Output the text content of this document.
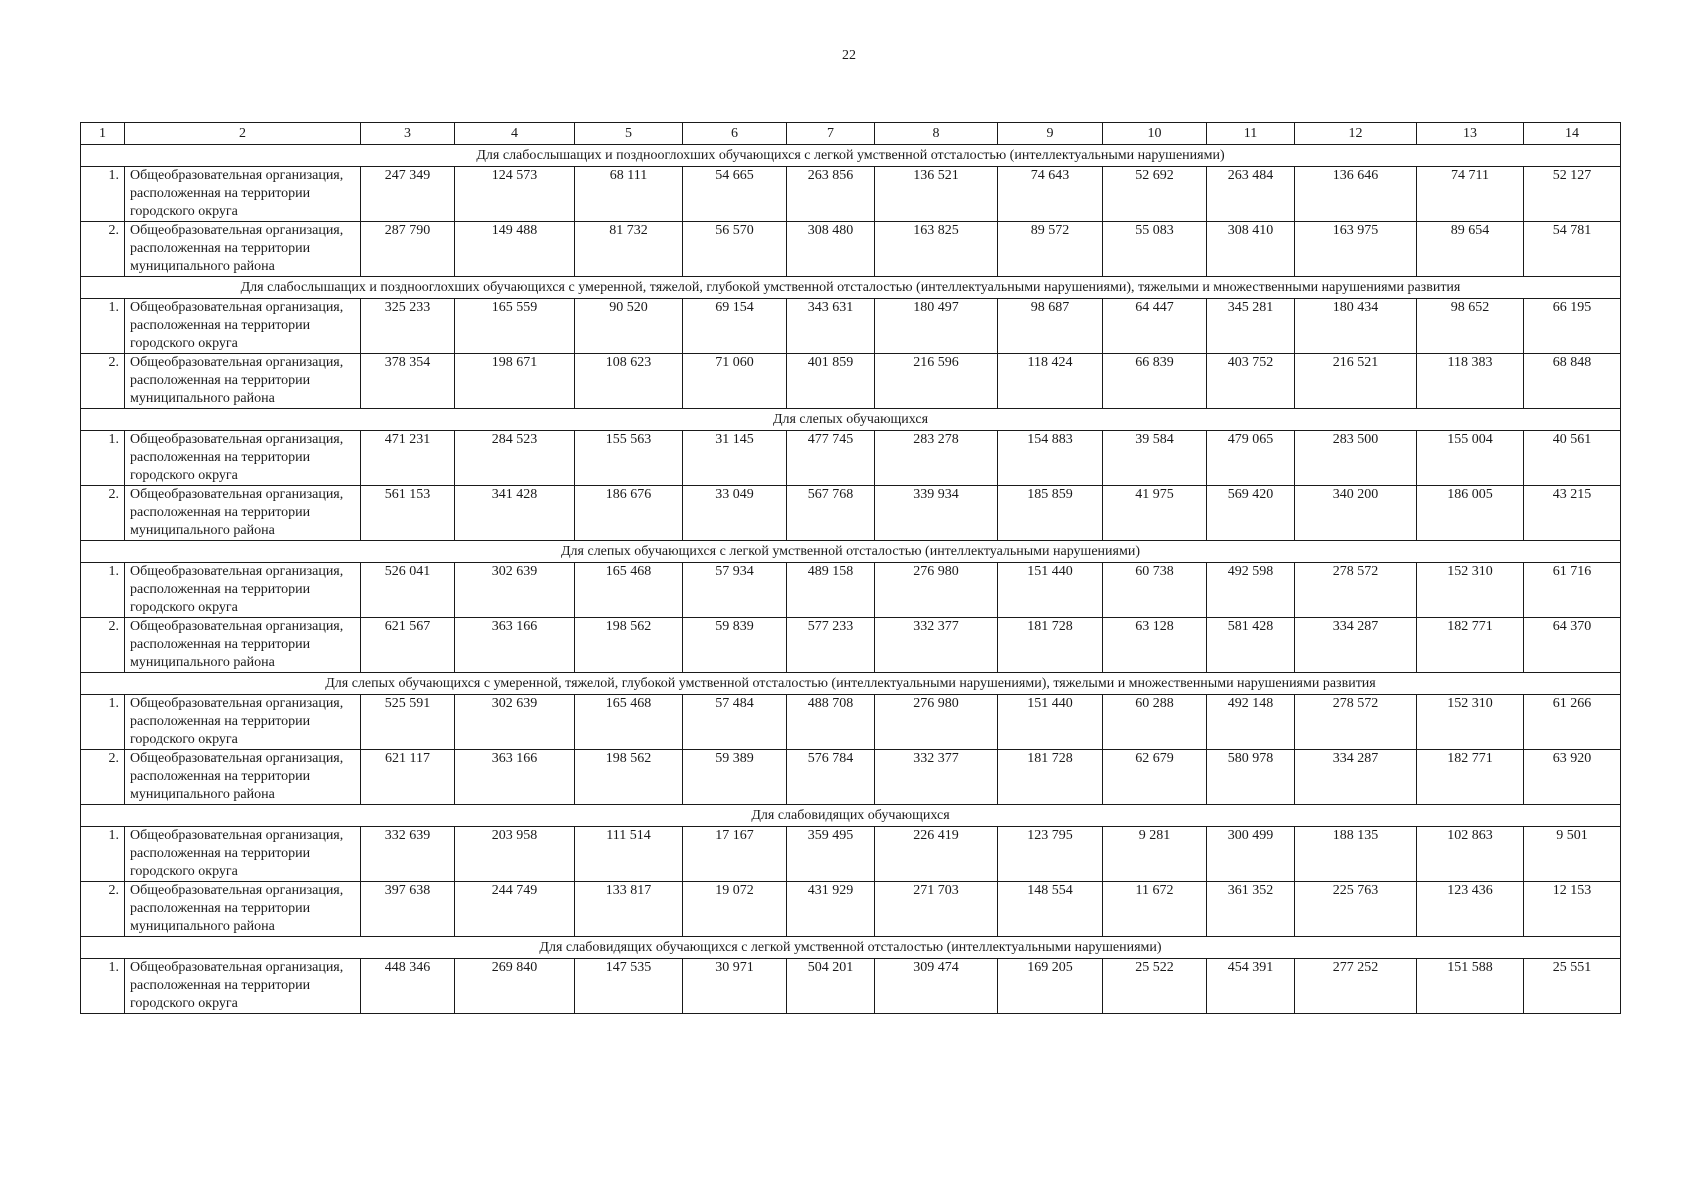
22
1	2	3	4	5	6	7	8	9	10	11	12	13	14
Для слабослышащих и позднооглохших обучающихся с легкой умственной отсталостью (интеллектуальными нарушениями)													
1.	Общеобразовательная организация, расположенная на территории городского округа	247 349	124 573	68 111	54 665	263 856	136 521	74 643	52 692	263 484	136 646	74 711	52 127
2.	Общеобразовательная организация, расположенная на территории муниципального района	287 790	149 488	81 732	56 570	308 480	163 825	89 572	55 083	308 410	163 975	89 654	54 781
Для слабослышащих и позднооглохших обучающихся с умеренной, тяжелой, глубокой умственной отсталостью (интеллектуальными нарушениями), тяжелыми и множественными нарушениями развития													
1.	Общеобразовательная организация, расположенная на территории городского округа	325 233	165 559	90 520	69 154	343 631	180 497	98 687	64 447	345 281	180 434	98 652	66 195
2.	Общеобразовательная организация, расположенная на территории муниципального района	378 354	198 671	108 623	71 060	401 859	216 596	118 424	66 839	403 752	216 521	118 383	68 848
Для слепых обучающихся													
1.	Общеобразовательная организация, расположенная на территории городского округа	471 231	284 523	155 563	31 145	477 745	283 278	154 883	39 584	479 065	283 500	155 004	40 561
2.	Общеобразовательная организация, расположенная на территории муниципального района	561 153	341 428	186 676	33 049	567 768	339 934	185 859	41 975	569 420	340 200	186 005	43 215
Для слепых обучающихся с легкой умственной отсталостью (интеллектуальными нарушениями)													
1.	Общеобразовательная организация, расположенная на территории городского округа	526 041	302 639	165 468	57 934	489 158	276 980	151 440	60 738	492 598	278 572	152 310	61 716
2.	Общеобразовательная организация, расположенная на территории муниципального района	621 567	363 166	198 562	59 839	577 233	332 377	181 728	63 128	581 428	334 287	182 771	64 370
Для слепых обучающихся с умеренной, тяжелой, глубокой умственной отсталостью (интеллектуальными нарушениями), тяжелыми и множественными нарушениями развития													
1.	Общеобразовательная организация, расположенная на территории городского округа	525 591	302 639	165 468	57 484	488 708	276 980	151 440	60 288	492 148	278 572	152 310	61 266
2.	Общеобразовательная организация, расположенная на территории муниципального района	621 117	363 166	198 562	59 389	576 784	332 377	181 728	62 679	580 978	334 287	182 771	63 920
Для слабовидящих обучающихся													
1.	Общеобразовательная организация, расположенная на территории городского округа	332 639	203 958	111 514	17 167	359 495	226 419	123 795	9 281	300 499	188 135	102 863	9 501
2.	Общеобразовательная организация, расположенная на территории муниципального района	397 638	244 749	133 817	19 072	431 929	271 703	148 554	11 672	361 352	225 763	123 436	12 153
Для слабовидящих обучающихся с легкой умственной отсталостью (интеллектуальными нарушениями)													
1.	Общеобразовательная организация, расположенная на территории городского округа	448 346	269 840	147 535	30 971	504 201	309 474	169 205	25 522	454 391	277 252	151 588	25 551
